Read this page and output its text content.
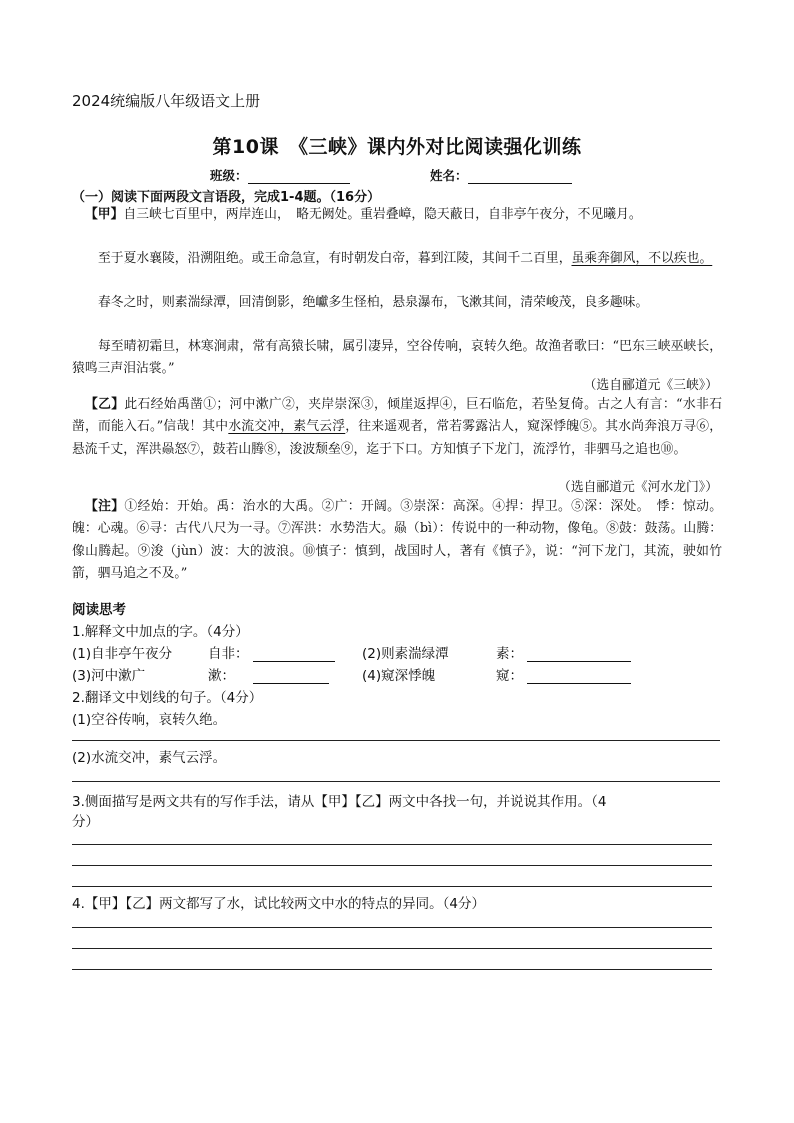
2024统编版八年级语文上册
第10课　《三峡》课内外对比阅读强化训练
班级：	姓名：
（一）阅读下面两段文言语段，完成1-4题。（16分）
【甲】自三峡七百里中，两岸连山，　略无阙处。重岩叠嶂，隐天蔽日，自非亭午夜分，不见曦月。
至于夏水襄陵，沿溯阻绝。或王命急宣，有时朝发白帝，暮到江陵，其间千二百里，虽乘奔御风，不以疾也。
春冬之时，则素湍绿潭，回清倒影，绝巘多生怪柏，悬泉瀑布，飞漱其间，清荣峻茂，良多趣味。
每至晴初霜旦，林寒涧肃，常有高猿长啸，属引凄异，空谷传响，哀转久绝。故渔者歌曰：“巴东三峡巫峡长，猿鸣三声泪沾裳。”
（选自郦道元《三峡》）
【乙】此石经始禹凿①；河中漱广②，夹岸崇深③，倾崖返捍④，巨石临危，若坠复倚。古之人有言：“水非石凿，而能入石。”信哉！其中水流交冲，素气云浮，往来遥观者，常若雾露沾人，窥深悸魄⑤。其水尚奔浪万寻⑥，悬流千丈，浑洪赑怒⑦，鼓若山腾⑧，浚波颓垒⑨，迄于下口。方知慎子下龙门，流浮竹，非驷马之追也⑩。
（选自郦道元《河水龙门》）
【注】①经始：开始。禹：治水的大禹。②广：开阔。③崇深：高深。④捍：捍卫。⑤深：深处。　悸：惊动。魄：心魂。⑥寻：古代八尺为一寻。⑦浑洪：水势浩大。赑（bì）：传说中的一种动物，像龟。⑧鼓：鼓荡。山腾：像山腾起。⑨浚（jùn）波：大的波浪。⑩慎子：慎到，战国时人，著有《慎子》，说：“河下龙门，其流，驶如竹箭，驷马追之不及。”
阅读思考
1.解释文中加点的字。（4分）
(1)自非亭午夜分	自非：	(2)则素湍绿潭	素：
(3)河中漱广	漱：	(4)窥深悸魄	窥：
2.翻译文中划线的句子。（4分）
(1)空谷传响，哀转久绝。
(2)水流交冲，素气云浮。
3.侧面描写是两文共有的写作手法，请从【甲】【乙】两文中各找一句，并说说其作用。（4
分）
4.【甲】【乙】两文都写了水，试比较两文中水的特点的异同。（4分）
